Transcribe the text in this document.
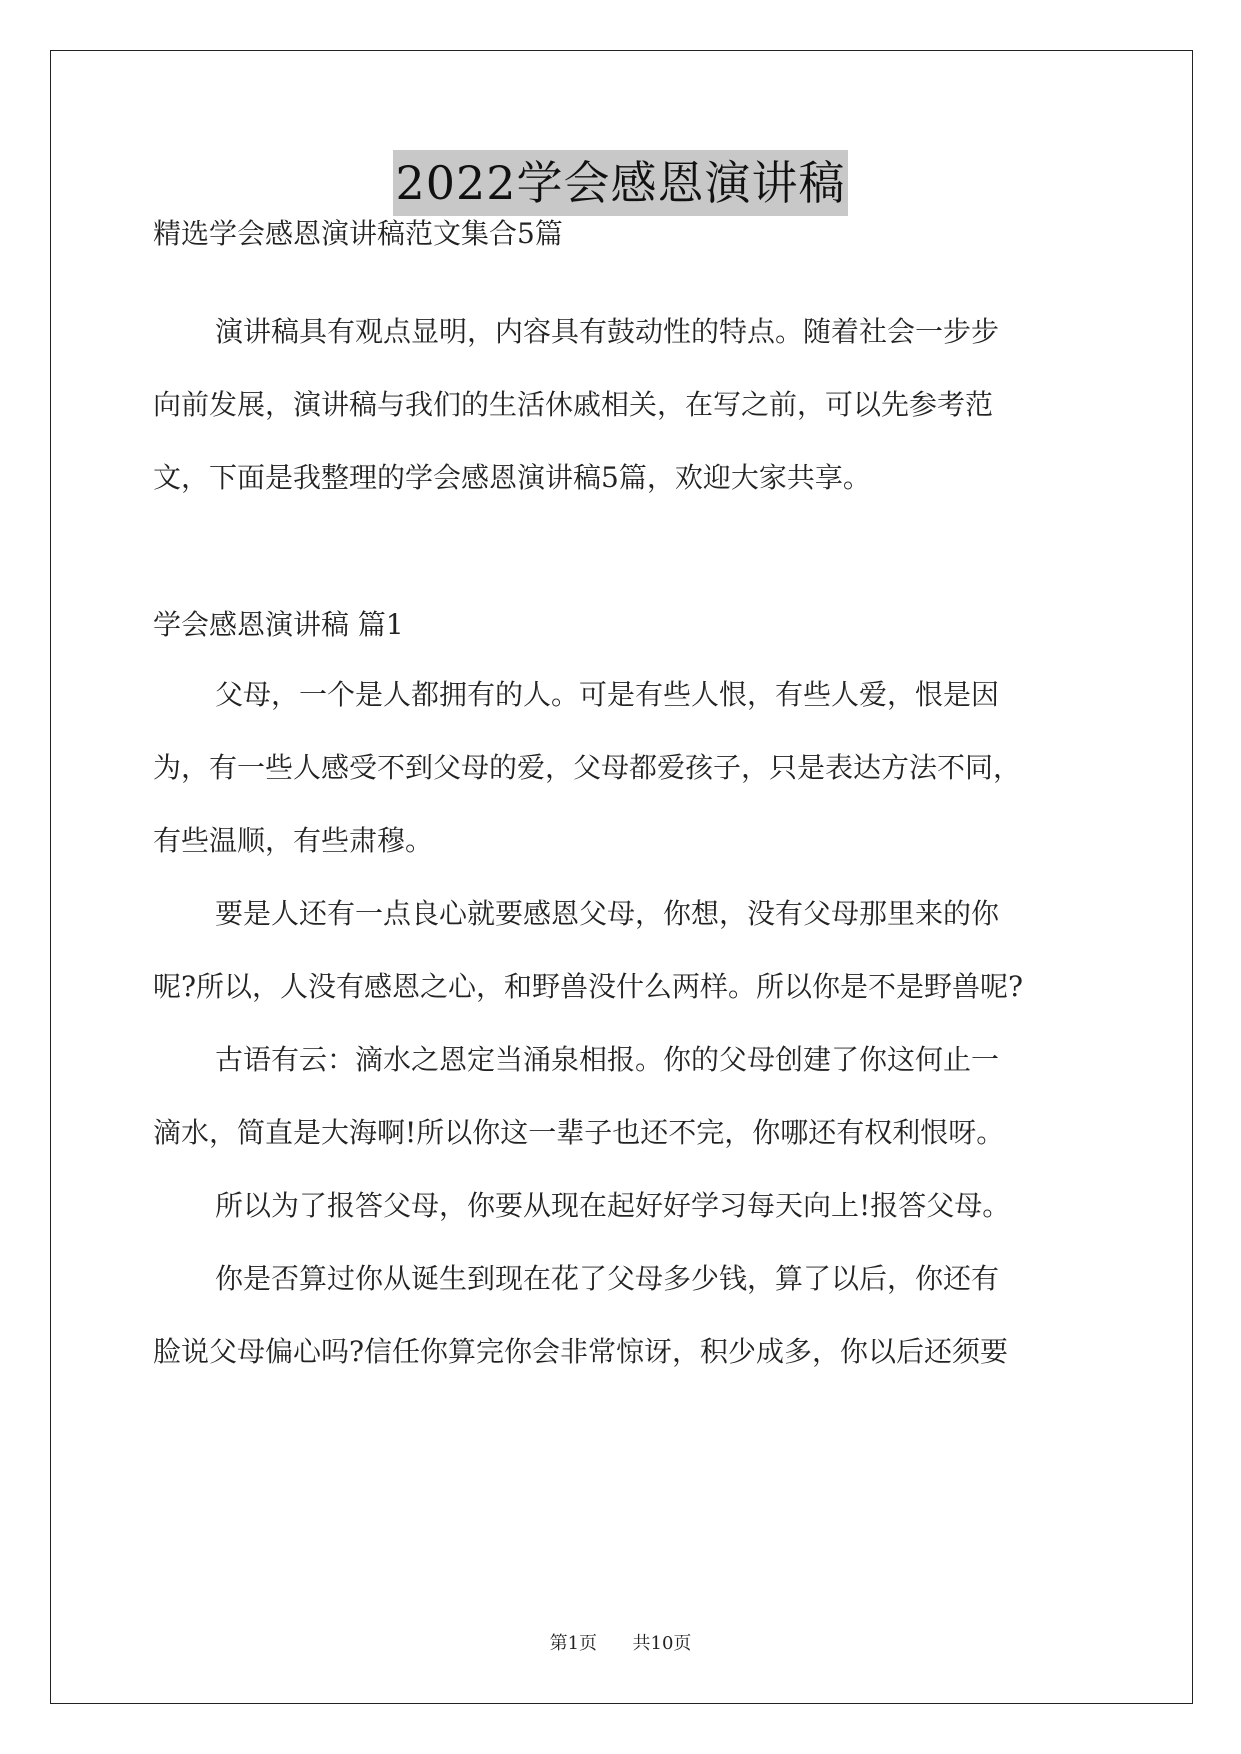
2022学会感恩演讲稿
精选学会感恩演讲稿范文集合5篇
演讲稿具有观点显明，内容具有鼓动性的特点。随着社会一步步
向前发展，演讲稿与我们的生活休戚相关，在写之前，可以先参考范
文，下面是我整理的学会感恩演讲稿5篇，欢迎大家共享。
学会感恩演讲稿 篇1
父母，一个是人都拥有的人。可是有些人恨，有些人爱，恨是因
为，有一些人感受不到父母的爱，父母都爱孩子，只是表达方法不同，
有些温顺，有些肃穆。
要是人还有一点良心就要感恩父母，你想，没有父母那里来的你
呢?所以，人没有感恩之心，和野兽没什么两样。所以你是不是野兽呢?
古语有云：滴水之恩定当涌泉相报。你的父母创建了你这何止一
滴水，简直是大海啊!所以你这一辈子也还不完，你哪还有权利恨呀。
所以为了报答父母，你要从现在起好好学习每天向上!报答父母。
你是否算过你从诞生到现在花了父母多少钱，算了以后，你还有
脸说父母偏心吗?信任你算完你会非常惊讶，积少成多，你以后还须要
第1页 共10页
